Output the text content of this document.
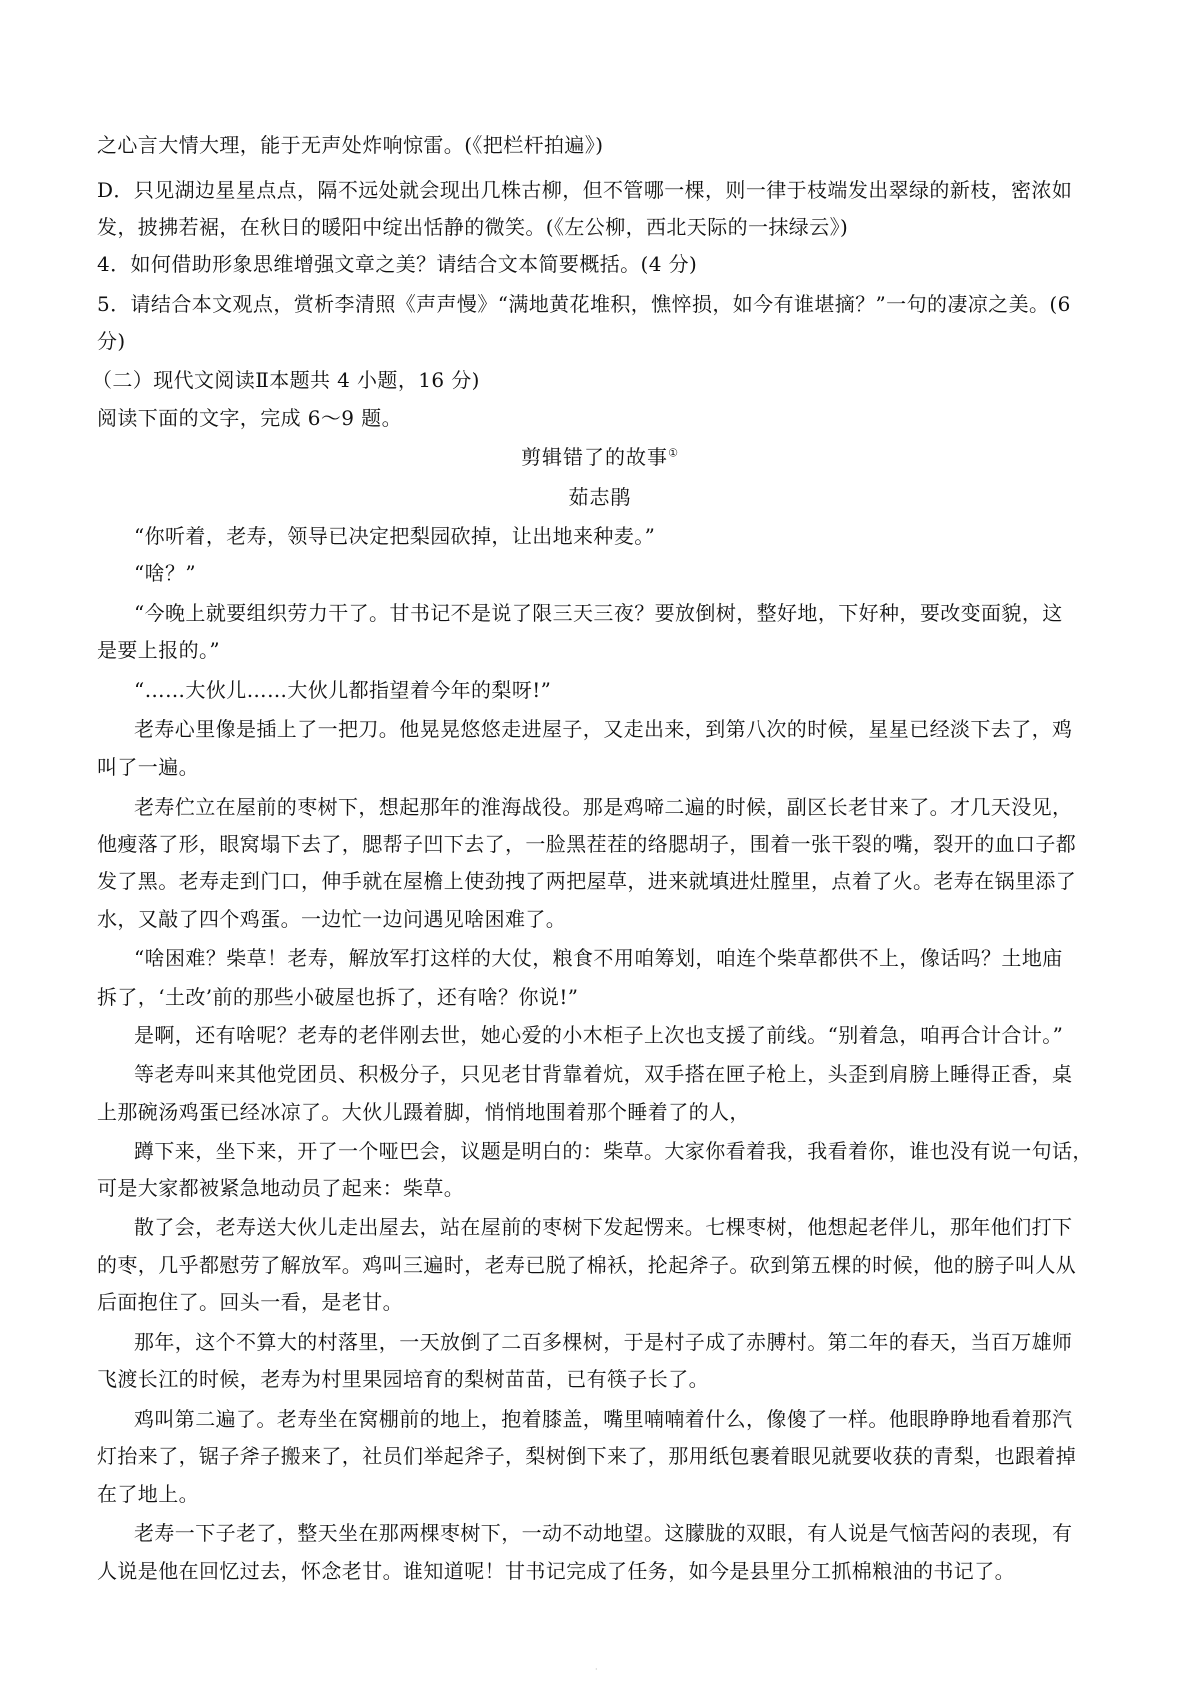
之心言大情大理，能于无声处炸响惊雷。(《把栏杆拍遍》)
D．只见湖边星星点点，隔不远处就会现出几株古柳，但不管哪一棵，则一律于枝端发出翠绿的新枝，密浓如
发，披拂若裾，在秋日的暖阳中绽出恬静的微笑。(《左公柳，西北天际的一抹绿云》)
4．如何借助形象思维增强文章之美？请结合文本简要概括。(4 分)
5．请结合本文观点，赏析李清照《声声慢》“满地黄花堆积，憔悴损，如今有谁堪摘？”一句的凄凉之美。(6
分)
（二）现代文阅读Ⅱ本题共 4 小题，16 分)
阅读下面的文字，完成 6～9 题。
剪辑错了的故事①
茹志鹃
“你听着，老寿，领导已决定把梨园砍掉，让出地来种麦。”
“啥？”
“今晚上就要组织劳力干了。甘书记不是说了限三天三夜？要放倒树，整好地，下好种，要改变面貌，这
是要上报的。”
“……大伙儿……大伙儿都指望着今年的梨呀!”
老寿心里像是插上了一把刀。他晃晃悠悠走进屋子，又走出来，到第八次的时候，星星已经淡下去了，鸡
叫了一遍。
老寿伫立在屋前的枣树下，想起那年的淮海战役。那是鸡啼二遍的时候，副区长老甘来了。才几天没见，
他瘦落了形，眼窝塌下去了，腮帮子凹下去了，一脸黑茬茬的络腮胡子，围着一张干裂的嘴，裂开的血口子都
发了黑。老寿走到门口，伸手就在屋檐上使劲拽了两把屋草，进来就填进灶膛里，点着了火。老寿在锅里添了
水，又敲了四个鸡蛋。一边忙一边问遇见啥困难了。
“啥困难？柴草！老寿，解放军打这样的大仗，粮食不用咱筹划，咱连个柴草都供不上，像话吗？土地庙
拆了，‘土改’前的那些小破屋也拆了，还有啥？你说!”
是啊，还有啥呢？老寿的老伴刚去世，她心爱的小木柜子上次也支援了前线。“别着急，咱再合计合计。”
等老寿叫来其他党团员、积极分子，只见老甘背靠着炕，双手搭在匣子枪上，头歪到肩膀上睡得正香，桌
上那碗汤鸡蛋已经冰凉了。大伙儿蹑着脚，悄悄地围着那个睡着了的人，
蹲下来，坐下来，开了一个哑巴会，议题是明白的：柴草。大家你看着我，我看着你，谁也没有说一句话，
可是大家都被紧急地动员了起来：柴草。
散了会，老寿送大伙儿走出屋去，站在屋前的枣树下发起愣来。七棵枣树，他想起老伴儿，那年他们打下
的枣，几乎都慰劳了解放军。鸡叫三遍时，老寿已脱了棉袄，抡起斧子。砍到第五棵的时候，他的膀子叫人从
后面抱住了。回头一看，是老甘。
那年，这个不算大的村落里，一天放倒了二百多棵树，于是村子成了赤膊村。第二年的春天，当百万雄师
飞渡长江的时候，老寿为村里果园培育的梨树苗苗，已有筷子长了。
鸡叫第二遍了。老寿坐在窝棚前的地上，抱着膝盖，嘴里喃喃着什么，像傻了一样。他眼睁睁地看着那汽
灯抬来了，锯子斧子搬来了，社员们举起斧子，梨树倒下来了，那用纸包裹着眼见就要收获的青梨，也跟着掉
在了地上。
老寿一下子老了，整天坐在那两棵枣树下，一动不动地望。这朦胧的双眼，有人说是气恼苦闷的表现，有
人说是他在回忆过去，怀念老甘。谁知道呢！甘书记完成了任务，如今是县里分工抓棉粮油的书记了。
·
